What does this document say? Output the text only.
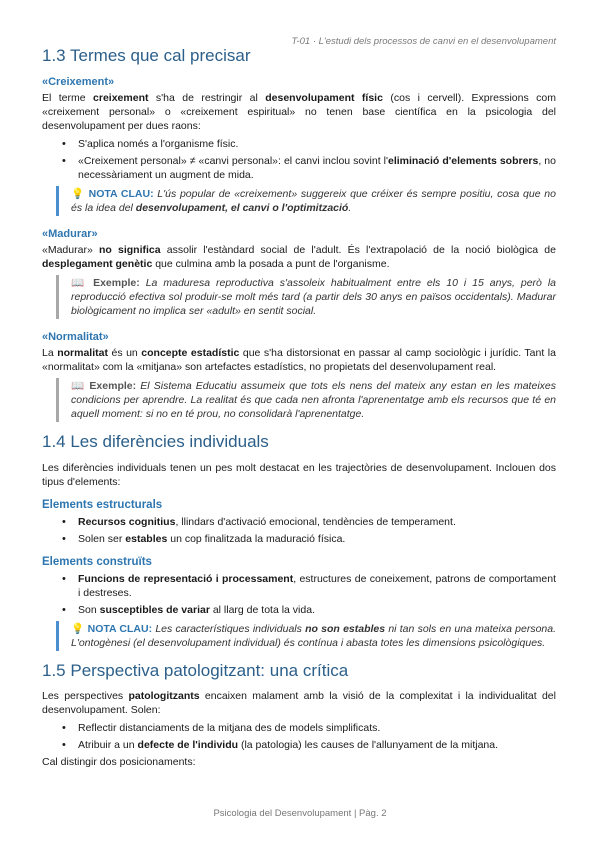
T-01 · L'estudi dels processos de canvi en el desenvolupament
1.3 Termes que cal precisar
«Creixement»

El terme creixement s'ha de restringir al desenvolupament físic (cos i cervell). Expressions com «creixement personal» o «creixement espiritual» no tenen base científica en la psicologia del desenvolupament per dues raons:

• S'aplica només a l'organisme físic.
• «Creixement personal» ≠ «canvi personal»: el canvi inclou sovint l'eliminació d'elements sobrers, no necessàriament un augment de mida.
💡 NOTA CLAU: L'ús popular de «creixement» suggereix que créixer és sempre positiu, cosa que no és la idea del desenvolupament, el canvi o l'optimització.
«Madurar»

«Madurar» no significa assolir l'estàndard social de l'adult. És l'extrapolació de la noció biològica de desplegament genètic que culmina amb la posada a punt de l'organisme.

📖 Exemple: La maduresa reproductiva s'assoleix habitualment entre els 10 i 15 anys, però la reproducció efectiva sol produir-se molt més tard (a partir dels 30 anys en països occidentals). Madurar biològicament no implica ser «adult» en sentit social.
«Normalitat»

La normalitat és un concepte estadístic que s'ha distorsionat en passar al camp sociològic i jurídic. Tant la «normalitat» com la «mitjana» son artefactes estadístics, no propietats del desenvolupament real.

📖 Exemple: El Sistema Educatiu assumeix que tots els nens del mateix any estan en les mateixes condicions per aprendre. La realitat és que cada nen afronta l'aprenentatge amb els recursos que té en aquell moment: si no en té prou, no consolidarà l'aprenentatge.
1.4 Les diferències individuals

Les diferències individuals tenen un pes molt destacat en les trajectòries de desenvolupament. Inclouen dos tipus d'elements:

Elements estructurals
• Recursos cognitius, llindars d'activació emocional, tendències de temperament.
• Solen ser estables un cop finalitzada la maduració física.
Elements construïts
• Funcions de representació i processament, estructures de coneixement, patrons de comportament i destreses.
• Son susceptibles de variar al llarg de tota la vida.
💡 NOTA CLAU: Les característiques individuals no son estables ni tan sols en una mateixa persona. L'ontogènesi (el desenvolupament individual) és contínua i abasta totes les dimensions psicològiques.
1.5 Perspectiva patologitzant: una crítica

Les perspectives patologitzants encaixen malament amb la visió de la complexitat i la individualitat del desenvolupament. Solen:

• Reflectir distanciaments de la mitjana des de models simplificats.
• Atribuir a un defecte de l'individu (la patologia) les causes de l'allunyament de la mitjana.

Cal distingir dos posicionaments:

Psicologia del Desenvolupament | Pàg. 2
